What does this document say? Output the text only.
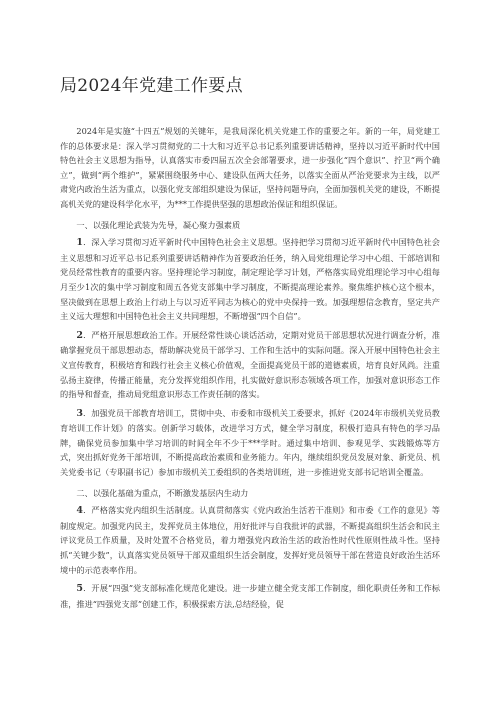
局2024年党建工作要点

2024年是实施“十四五”规划的关键年，是我局深化机关党建工作的重要之年。新的一年，局党建工作的总体要求是：深入学习贯彻党的二十大和习近平总书记系列重要讲话精神，坚持以习近平新时代中国特色社会主义思想为指导，认真落实市委四届五次全会部署要求，进一步强化“四个意识”、拧卫“两个确立”，做到“两个维护”，紧紧围绕服务中心、建设队伍两大任务，以落实全面从严治党要求为主线，以严肃党内政治生活为重点，以强化党支部组织建设为保证，坚持问题导向，全面加强机关党的建设，不断提高机关党的建设科学化水平，为***工作提供坚强的思想政治保证和组织保证。

一、以强化理论武装为先导，凝心聚力强素质

1．深入学习贯彻习近平新时代中国特色社会主义思想。坚持把学习贯彻习近平新时代中国特色社会主义思想和习近平总书记系列重要讲话精神作为首要政治任务，纳入局党组理论学习中心组、干部培训和党员经常性教育的重要内容。坚持理论学习制度，制定理论学习计划，严格落实局党组理论学习中心组每月至少1次的集中学习制度和周五各党支部集中学习制度，不断提高理论素养。聚焦维护核心这个根本，坚决做到在思想上政治上行动上与以习近平同志为核心的党中央保持一致。加强理想信念教育，坚定共产主义远大理想和中国特色社会主义共同理想，不断增强“四个自信”。

2．严格开展思想政治工作。开展经常性谈心谈话活动，定期对党员干部思想状况进行调查分析，准确掌握党员干部思想动态，帮助解决党员干部学习、工作和生活中的实际问题。深入开展中国特色社会主义宣传教育，积极培育和践行社会主义核心价值观，全面提高党员干部的道德素质，培育良好风尚。注重弘扬主旋律，传播正能量，充分发挥党组织作用，扎实做好意识形态领域各项工作，加强对意识形态工作的指导和督查，推动局党组意识形态工作责任制的落实。

3．加强党员干部教育培训工，贯彻中央、市委和市级机关工委要求，抓好《2024年市级机关党员教育培训工作计划》的落实。创新学习载体，改进学习方式，健全学习制度，积极打造具有特色的学习品牌，确保党员参加集中学习培训的时间全年不少于***学时。通过集中培训、参观见学、实践锻炼等方式，突出抓好党务干部培训，不断提高政治素质和业务能力。年内，继续组织党员发展对象、新党员、机关党委书记（专职副书记）参加市级机关工委组织的各类培训班，进一步推进党支部书记培训全覆盖。

二、以强化基础为重点，不断激发基层内生动力

4．严格落实党内组织生活制度。认真贯彻落实《党内政治生活若干准则》和市委《工作的意见》等制度规定。加强党内民主，发挥党员主体地位，用好批评与自我批评的武器，不断提高组织生活会和民主评议党员工作质量，及时处置不合格党员，着力增强党内政治生活的政治性时代性原则性战斗性。坚持抓“关键少数”，认真落实党员领导干部双重组织生活会制度，发挥好党员领导干部在营造良好政治生活环境中的示范表率作用。

5．开展“四强”党支部标准化规范化建设。进一步建立健全党支部工作制度，细化职责任务和工作标准，推进“四强党支部”创建工作，积极探索方法,总结经验，促
